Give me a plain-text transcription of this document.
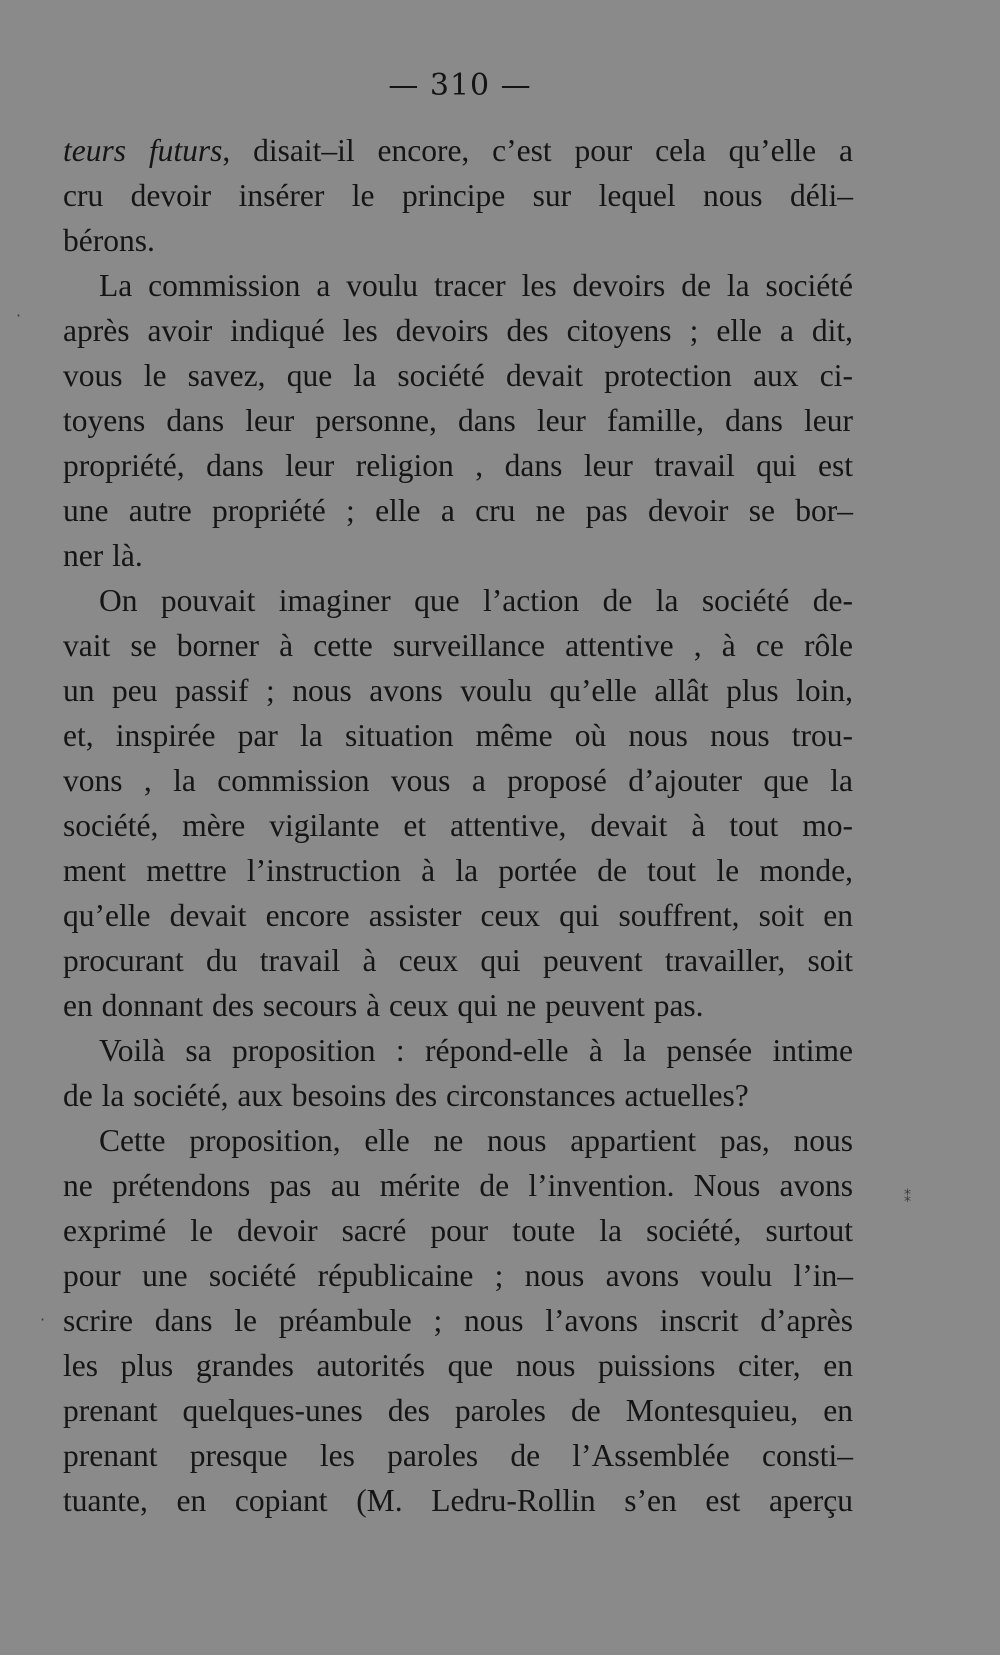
— 310 —
teurs futurs, disait–il encore, c’est pour cela qu’elle a
cru devoir insérer le principe sur lequel nous déli–
bérons.
La commission a voulu tracer les devoirs de la société
après avoir indiqué les devoirs des citoyens ; elle a dit,
vous le savez, que la société devait protection aux ci-
toyens dans leur personne, dans leur famille, dans leur
propriété, dans leur religion , dans leur travail qui est
une autre propriété ; elle a cru ne pas devoir se bor–
ner là.
On pouvait imaginer que l’action de la société de-
vait se borner à cette surveillance attentive , à ce rôle
un peu passif ; nous avons voulu qu’elle allât plus loin,
et, inspirée par la situation même où nous nous trou-
vons , la commission vous a proposé d’ajouter que la
société, mère vigilante et attentive, devait à tout mo-
ment mettre l’instruction à la portée de tout le monde,
qu’elle devait encore assister ceux qui souffrent, soit en
procurant du travail à ceux qui peuvent travailler, soit
en donnant des secours à ceux qui ne peuvent pas.
Voilà sa proposition : répond-elle à la pensée intime
de la société, aux besoins des circonstances actuelles?
Cette proposition, elle ne nous appartient pas, nous
ne prétendons pas au mérite de l’invention. Nous avons
exprimé le devoir sacré pour toute la société, surtout
pour une société républicaine ; nous avons voulu l’in–
scrire dans le préambule ; nous l’avons inscrit d’après
les plus grandes autorités que nous puissions citer, en
prenant quelques-unes des paroles de Montesquieu, en
prenant presque les paroles de l’Assemblée consti–
tuante, en copiant (M. Ledru-Rollin s’en est aperçu
·
·
⁑
